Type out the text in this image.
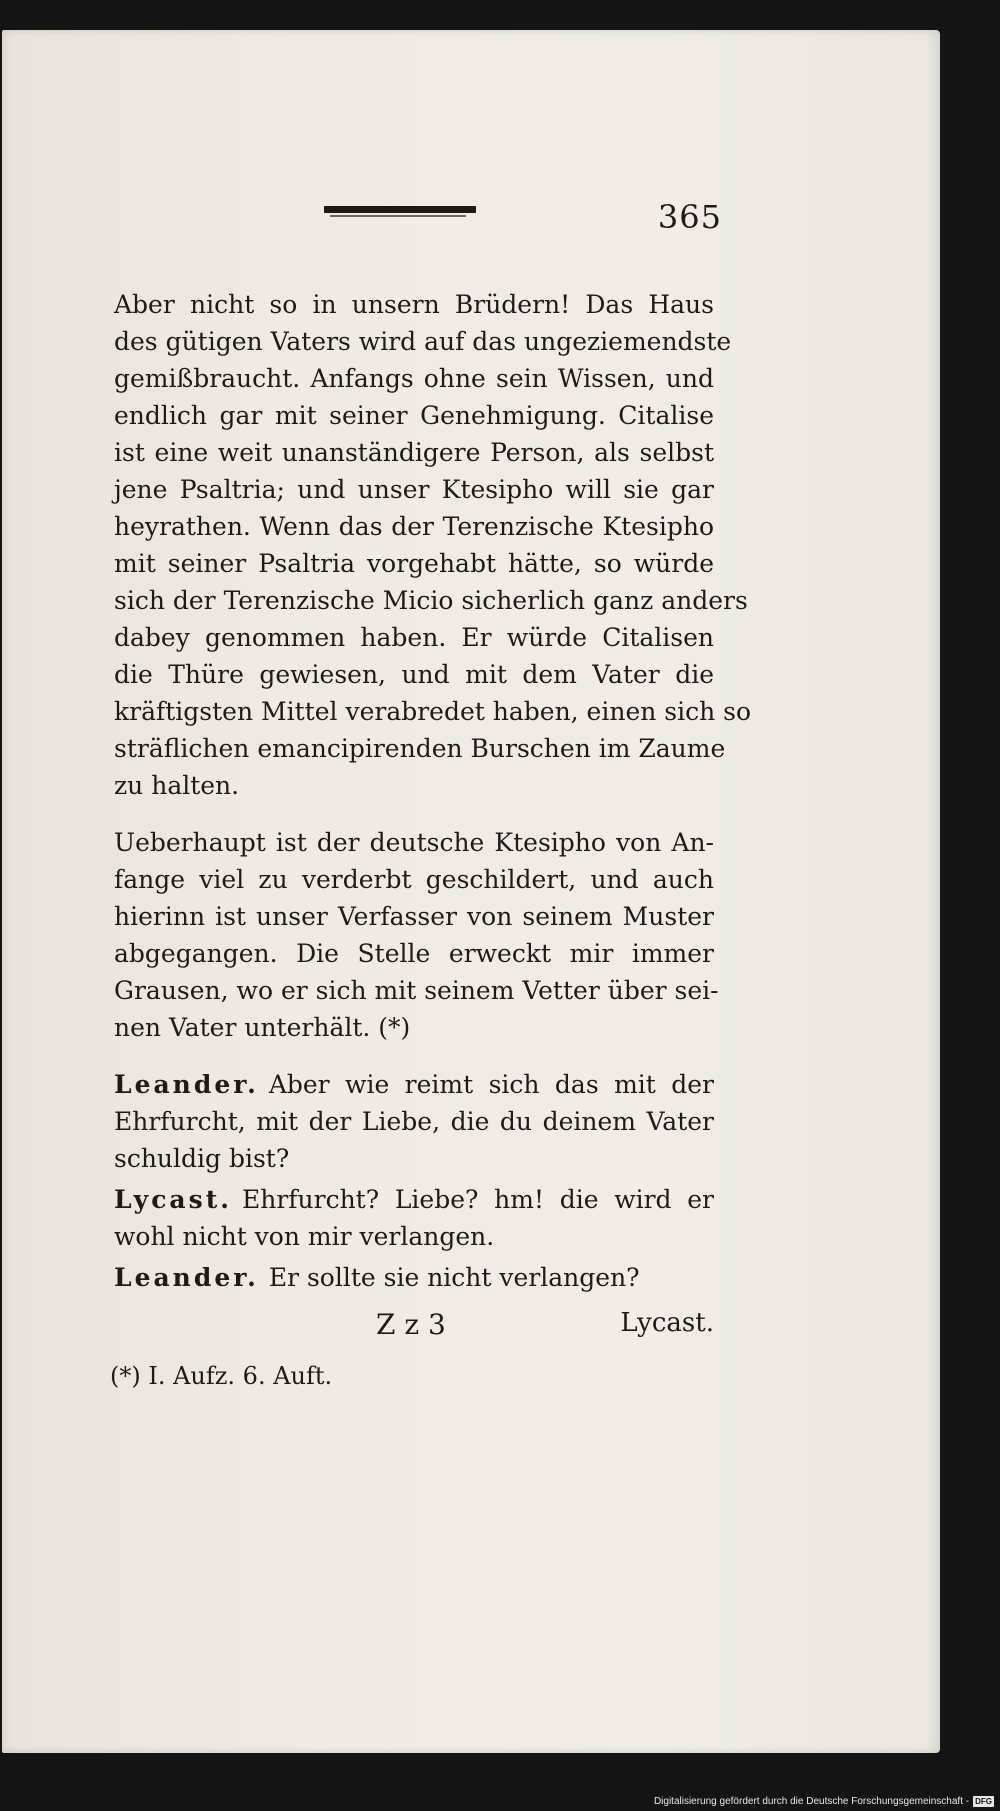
365

Aber nicht so in unsern Brüdern! Das Haus
des gütigen Vaters wird auf das ungeziemendste
gemißbraucht. Anfangs ohne sein Wissen, und
endlich gar mit seiner Genehmigung. Citalise
ist eine weit unanständigere Person, als selbst
jene Psaltria; und unser Ktesipho will sie gar
heyrathen. Wenn das der Terenzische Ktesipho
mit seiner Psaltria vorgehabt hätte, so würde
sich der Terenzische Micio sicherlich ganz anders
dabey genommen haben. Er würde Citalisen
die Thüre gewiesen, und mit dem Vater die
kräftigsten Mittel verabredet haben, einen sich so
sträflichen emancipirenden Burschen im Zaume
zu halten.

Ueberhaupt ist der deutsche Ktesipho von An-
fange viel zu verderbt geschildert, und auch
hierinn ist unser Verfasser von seinem Muster
abgegangen. Die Stelle erweckt mir immer
Grausen, wo er sich mit seinem Vetter über sei-
nen Vater unterhält. (*)

Leander. Aber wie reimt sich das mit der
Ehrfurcht, mit der Liebe, die du deinem Vater
schuldig bist?

Lycast. Ehrfurcht? Liebe? hm! die wird er
wohl nicht von mir verlangen.

Leander. Er sollte sie nicht verlangen?

Z z 3	Lycast.
(*) I. Aufz. 6. Auft.
Digitalisierung gefördert durch die Deutsche Forschungsgemeinschaft - DFG
